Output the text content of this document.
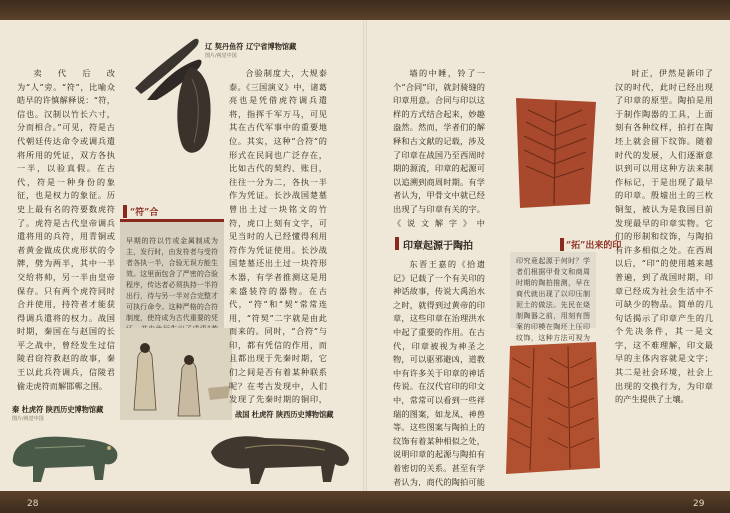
辽 契丹鱼符 辽宁省博物馆藏
图片/视觉中国
早期的符以竹或金属制成为主，发行时，由发符者与受符者各执一半，合验无误方能生效。这里面包含了严密的合验程序，传达者必须执持一半符出行，待与另一半对合完整才可执行命令。这种严格的合符制度，使符成为古代重要的凭
“符”合
秦 杜虎符 陕西历史博物馆藏
图片/视觉中国	战国 杜虎符 陕西历史博物馆藏

卖代后改为“人”旁。“符”，比喻众皓早的许慎解释说：“符，信也。汉制以竹长六寸，分而相合。”可见，符是古代朝廷传达命令或调兵遣将所用的凭证，双方各执一半，以验真假。在古代，符是一种身份的象征，也是权力的象征。历史上最有名的符要数虎符了。虎符是古代皇帝调兵遣将用的兵符，用青铜或者黄金做成伏虎形状的令牌，劈为两半，其中一半交给将帅，另一半由皇帝保存。只有两个虎符同时合并使用，持符者才能获得调兵遣将的权力。战国时期，秦国在与赵国的长平之战中，曾经发生过信陵君窃符救赵的故事，秦王以此兵符调兵，信陵君偷走虎符而解邯郸之围。

合验制度大，大规泰泰。《三国演义》中，诸葛亮也是凭借虎符调兵遣将，指挥千军万马，可见其在古代军事中的重要地位。其实，这种“合符”的形式在民间也广泛存在，比如古代的契约、账目，往往一分为二，各执一半作为凭证。长沙战国楚墓曾出土过一块铭文的竹符，虎口上刻有文字，可见当时的人已经懂得利用符作为凭证使用。长沙战国楚墓还出土过一块符形木器，有学者推测这是用来盛装符的器物。在古代，“符”和“契”常常连用，“符契”二字就是由此而来的。同时，“合符”与印，都有凭信的作用，而且都出现于先秦时期，它们之间是否有着某种联系呢？在考古发现中，人们发现了先秦时期的铜印，

墙的中睡，铃了一个“合同”印，就封骑缝的印章用意。合同与印以这样的方式结合起来，妙趣盎然。然而，学者们的解释和古文献的记载，涉及了印章在战国乃至西周时期的源流，印章的起源可以追溯到商周时期。有学者认为，甲骨文中就已经出现了与印章有关的字。《说文解字》中

印章起源于陶拍

东晋王嘉的《拾遗记》记载了一个有关印的神话故事，传说大禹治水之时，就得到过黄帝的印章，这些印章在治理洪水中起了重要的作用。在古代，印章被视为神圣之物，可以驱邪避凶，道教中有许多关于印章的神话传说。在汉代官印的印文中，常常可以看到一些祥瑞的图案，如龙凤、神兽等。这些图案与陶拍上的纹饰有着某种相似之处，说明印章的起源与陶拍有着密切的关系。甚至有学者认为，商代的陶拍可能

印究竟起源于何时？学者们根据甲骨文和商周时期的陶拍推测，早在商代就出现了以印压制泥土的做法。先民在烧制陶器之前，用刻有图案的印模在陶坯上压印纹饰，这种方法可视为
“拓”出来的印

时正，伊然是新印了汉的时代，此时已经出现了印章的原型。陶拍是用于制作陶器的工具，上面刻有各种纹样，拍打在陶坯上就会留下纹饰。随着时代的发展，人们逐渐意识到可以用这种方法来制作标记，于是出现了最早的印章。殷墟出土的三枚铜玺，被认为是我国目前发现最早的印章实物。它们的形制和纹饰，与陶拍有许多相似之处。在西周以后，“印”的使用越来越普遍，到了战国时期，印章已经成为社会生活中不可缺少的物品。简单的几句话揭示了印章产生的几个先决条件，其一是文字，这不难理解，印文最早的主体内容就是文字；其二是社会环境，社会上出现的交换行为，为印章的产生提供了土壤。

28	29
